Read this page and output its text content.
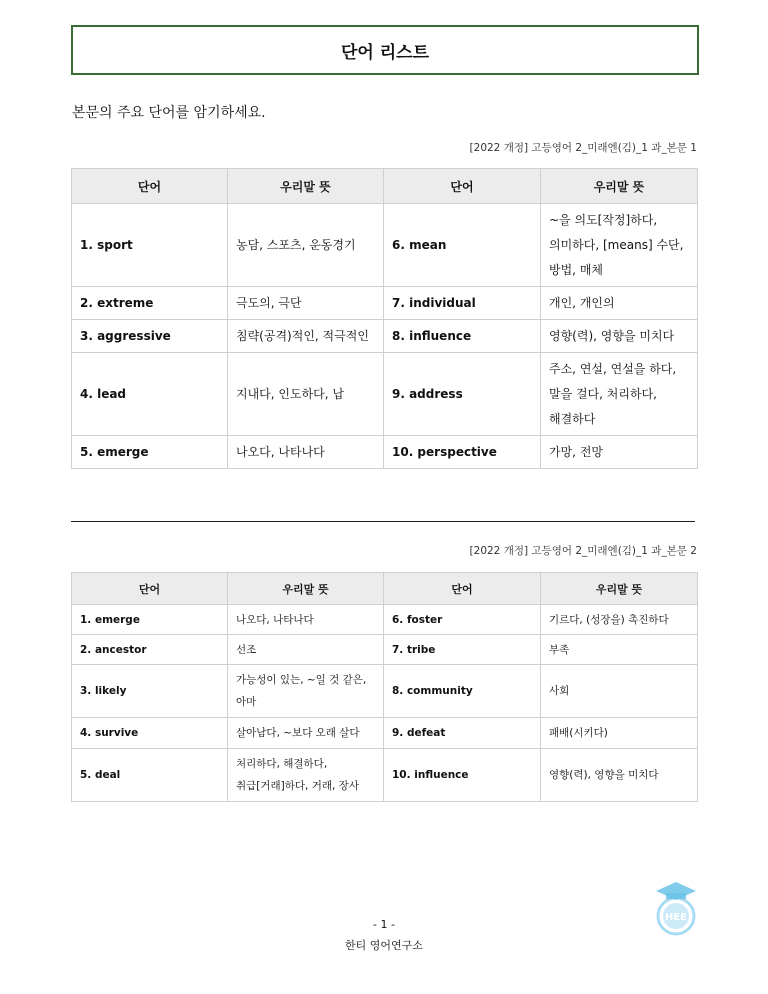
단어 리스트
본문의 주요 단어를 암기하세요.
[2022 개정] 고등영어 2_미래엔(김)_1 과_본문 1
단어	우리말 뜻	단어	우리말 뜻
1. sport	농담, 스포츠, 운동경기	6. mean	~을 의도[작정]하다,
의미하다, [means] 수단,
방법, 매체

2. extreme	극도의, 극단	7. individual	개인, 개인의
3. aggressive	침략(공격)적인, 적극적인	8. influence	영향(력), 영향을 미치다
4. lead	지내다, 인도하다, 납	9. address	주소, 연설, 연설을 하다,
말을 걸다, 처리하다,
해결하다

5. emerge	나오다, 나타나다	10. perspective	가망, 전망
[2022 개정] 고등영어 2_미래엔(김)_1 과_본문 2
단어	우리말 뜻	단어	우리말 뜻
1. emerge	나오다, 나타나다	6. foster	기르다, (성장을) 촉진하다
2. ancestor	선조	7. tribe	부족
3. likely	가능성이 있는, ~일 것 같은,
아마	8. community	사회
4. survive	살아남다, ~보다 오래 살다	9. defeat	패배(시키다)
5. deal	처리하다, 해결하다,
취급[거래]하다, 거래, 장사	10. influence	영향(력), 영향을 미치다
- 1 -
한티 영어연구소
HEE
